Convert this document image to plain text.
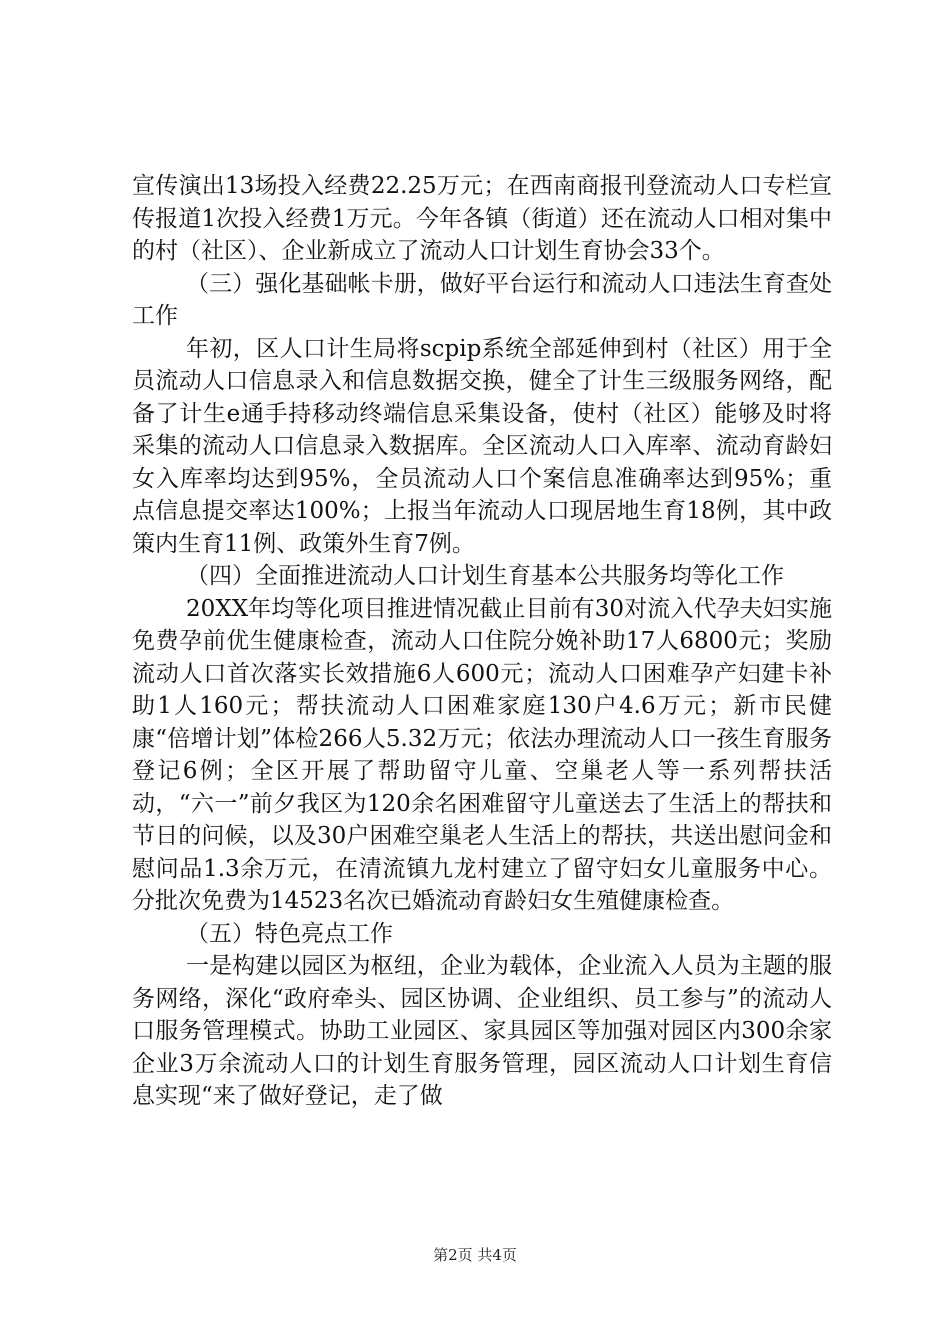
宣传演出13场投入经费22.25万元；在西南商报刊登流动人口专栏宣传报道1次投入经费1万元。今年各镇（街道）还在流动人口相对集中的村（社区）、企业新成立了流动人口计划生育协会33个。

（三）强化基础帐卡册，做好平台运行和流动人口违法生育查处工作

年初，区人口计生局将scpip系统全部延伸到村（社区）用于全员流动人口信息录入和信息数据交换，健全了计生三级服务网络，配备了计生e通手持移动终端信息采集设备，使村（社区）能够及时将采集的流动人口信息录入数据库。全区流动人口入库率、流动育龄妇女入库率均达到95%，全员流动人口个案信息准确率达到95%；重点信息提交率达100%；上报当年流动人口现居地生育18例，其中政策内生育11例、政策外生育7例。

（四）全面推进流动人口计划生育基本公共服务均等化工作

20XX年均等化项目推进情况截止目前有30对流入代孕夫妇实施免费孕前优生健康检查，流动人口住院分娩补助17人6800元；奖励流动人口首次落实长效措施6人600元；流动人口困难孕产妇建卡补助1人160元；帮扶流动人口困难家庭130户4.6万元；新市民健康“倍增计划”体检266人5.32万元；依法办理流动人口一孩生育服务登记6例；全区开展了帮助留守儿童、空巢老人等一系列帮扶活动，“六一”前夕我区为120余名困难留守儿童送去了生活上的帮扶和节日的问候，以及30户困难空巢老人生活上的帮扶，共送出慰问金和慰问品1.3余万元，在清流镇九龙村建立了留守妇女儿童服务中心。分批次免费为14523名次已婚流动育龄妇女生殖健康检查。

（五）特色亮点工作

一是构建以园区为枢纽，企业为载体，企业流入人员为主题的服务网络，深化“政府牵头、园区协调、企业组织、员工参与”的流动人口服务管理模式。协助工业园区、家具园区等加强对园区内300余家企业3万余流动人口的计划生育服务管理，园区流动人口计划生育信息实现“来了做好登记，走了做

第2页 共4页
